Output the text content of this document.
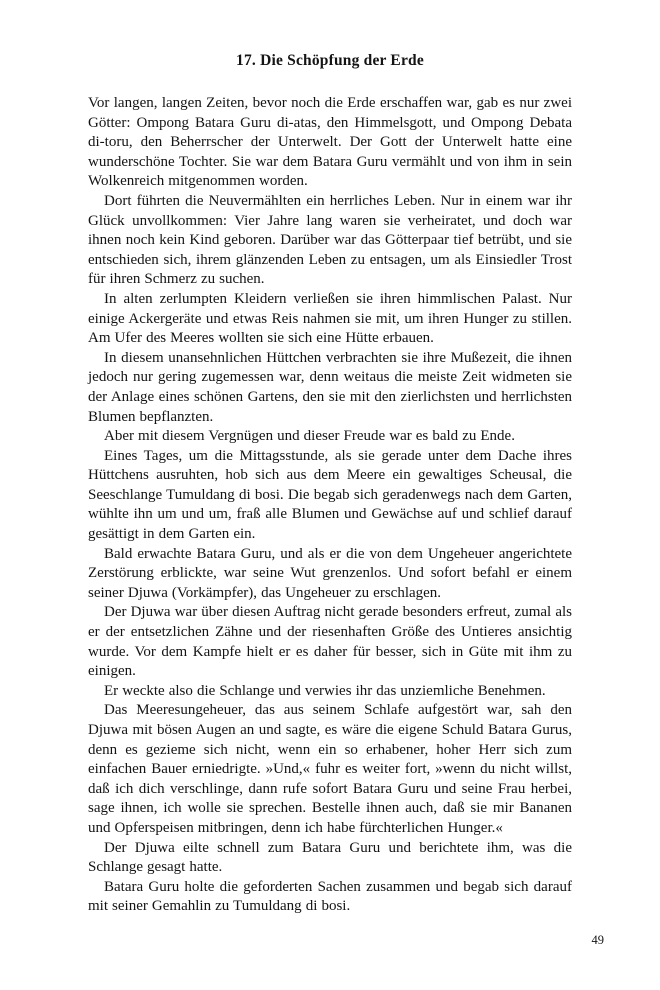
17. Die Schöpfung der Erde

Vor langen, langen Zeiten, bevor noch die Erde erschaffen war, gab es nur zwei Götter: Ompong Batara Guru di-atas, den Himmelsgott, und Ompong Debata di-toru, den Beherrscher der Unterwelt. Der Gott der Unterwelt hatte eine wunderschöne Tochter. Sie war dem Batara Guru vermählt und von ihm in sein Wolkenreich mitgenommen worden.

Dort führten die Neuvermählten ein herrliches Leben. Nur in einem war ihr Glück unvollkommen: Vier Jahre lang waren sie verheiratet, und doch war ihnen noch kein Kind geboren. Darüber war das Götterpaar tief betrübt, und sie entschieden sich, ihrem glänzenden Leben zu entsagen, um als Einsiedler Trost für ihren Schmerz zu suchen.

In alten zerlumpten Kleidern verließen sie ihren himmlischen Palast. Nur einige Ackergeräte und etwas Reis nahmen sie mit, um ihren Hunger zu stillen. Am Ufer des Meeres wollten sie sich eine Hütte erbauen.

In diesem unansehnlichen Hüttchen verbrachten sie ihre Mußezeit, die ihnen jedoch nur gering zugemessen war, denn weitaus die meiste Zeit widmeten sie der Anlage eines schönen Gartens, den sie mit den zierlichsten und herrlichsten Blumen bepflanzten.

Aber mit diesem Vergnügen und dieser Freude war es bald zu Ende.

Eines Tages, um die Mittagsstunde, als sie gerade unter dem Dache ihres Hüttchens ausruhten, hob sich aus dem Meere ein gewaltiges Scheusal, die Seeschlange Tumuldang di bosi. Die begab sich geradenwegs nach dem Garten, wühlte ihn um und um, fraß alle Blumen und Gewächse auf und schlief darauf gesättigt in dem Garten ein.

Bald erwachte Batara Guru, und als er die von dem Ungeheuer angerichtete Zerstörung erblickte, war seine Wut grenzenlos. Und sofort befahl er einem seiner Djuwa (Vorkämpfer), das Ungeheuer zu erschlagen.

Der Djuwa war über diesen Auftrag nicht gerade besonders erfreut, zumal als er der entsetzlichen Zähne und der riesenhaften Größe des Untieres ansichtig wurde. Vor dem Kampfe hielt er es daher für besser, sich in Güte mit ihm zu einigen.

Er weckte also die Schlange und verwies ihr das unziemliche Benehmen.

Das Meeresungeheuer, das aus seinem Schlafe aufgestört war, sah den Djuwa mit bösen Augen an und sagte, es wäre die eigene Schuld Batara Gurus, denn es gezieme sich nicht, wenn ein so erhabener, hoher Herr sich zum einfachen Bauer erniedrigte. »Und,« fuhr es weiter fort, »wenn du nicht willst, daß ich dich verschlinge, dann rufe sofort Batara Guru und seine Frau herbei, sage ihnen, ich wolle sie sprechen. Bestelle ihnen auch, daß sie mir Bananen und Opferspeisen mitbringen, denn ich habe fürchterlichen Hunger.«

Der Djuwa eilte schnell zum Batara Guru und berichtete ihm, was die Schlange gesagt hatte.

Batara Guru holte die geforderten Sachen zusammen und begab sich darauf mit seiner Gemahlin zu Tumuldang di bosi.

49
